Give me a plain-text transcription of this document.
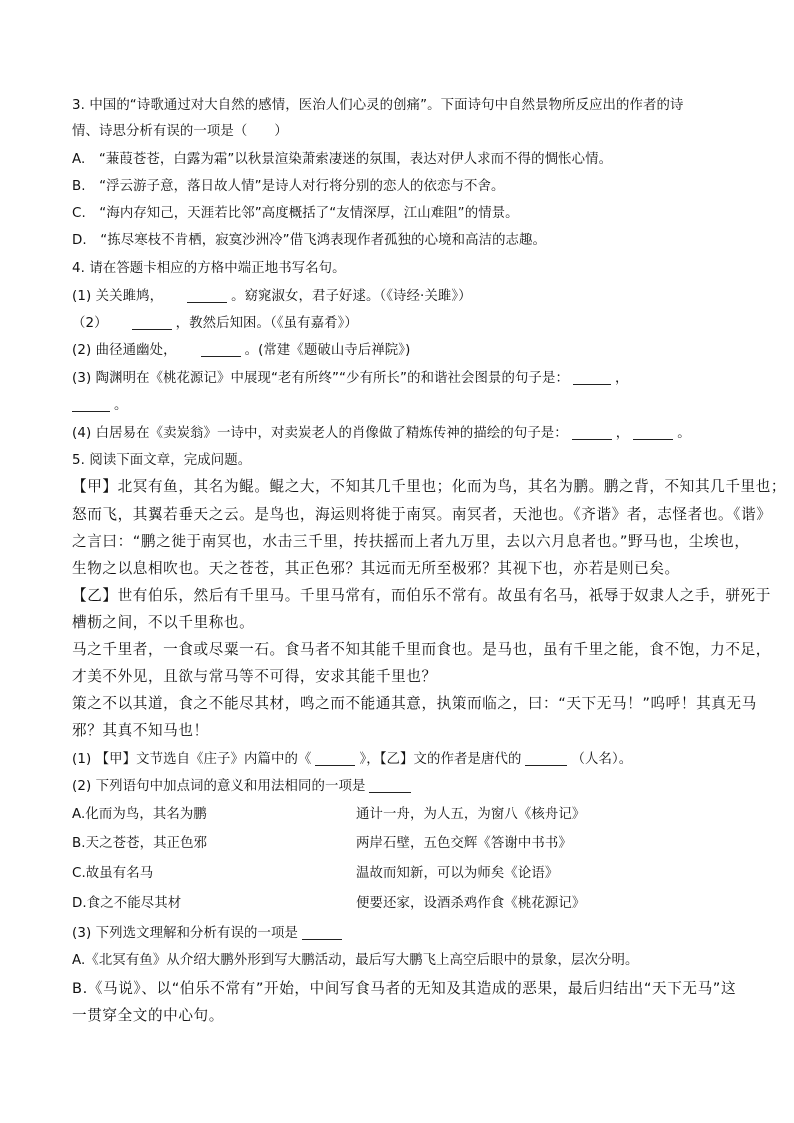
3. 中国的“诗歌通过对大自然的感情，医治人们心灵的创痛”。下面诗句中自然景物所反应出的作者的诗
情、诗思分析有误的一项是（　　）
A.　“蒹葭苍苍，白露为霜”以秋景渲染萧索凄迷的氛围，表达对伊人求而不得的惆怅心情。
B.　“浮云游子意，落日故人情”是诗人对行将分别的恋人的依恋与不舍。
C.　“海内存知己，天涯若比邻”高度概括了“友情深厚，江山难阻”的情景。
D.　“拣尽寒枝不肯栖，寂寞沙洲冷”借飞鸿表现作者孤独的心境和高洁的志趣。
4. 请在答题卡相应的方格中端正地书写名句。
(1) 关关雎鸠，	。窈窕淑女，君子好逑。（《诗经·关雎》）
（2）	，教然后知困。（《虽有嘉肴》）
(2) 曲径通幽处，	。(常建《题破山寺后禅院》)
(3) 陶渊明在《桃花源记》中展现“老有所终”“少有所长”的和谐社会图景的句子是：	，
。
(4) 白居易在《卖炭翁》一诗中，对卖炭老人的肖像做了精炼传神的描绘的句子是：	，	。
5. 阅读下面文章，完成问题。
【甲】北冥有鱼，其名为鲲。鲲之大，不知其几千里也；化而为鸟，其名为鹏。鹏之背，不知其几千里也；
怒而飞，其翼若垂天之云。是鸟也，海运则将徙于南冥。南冥者，天池也。《齐谐》者，志怪者也。《谐》
之言曰：“鹏之徙于南冥也，水击三千里，抟扶摇而上者九万里，去以六月息者也。”野马也，尘埃也，
生物之以息相吹也。天之苍苍，其正色邪？其远而无所至极邪？其视下也，亦若是则已矣。
【乙】世有伯乐，然后有千里马。千里马常有，而伯乐不常有。故虽有名马，祇辱于奴隶人之手，骈死于
槽枥之间，不以千里称也。
马之千里者，一食或尽粟一石。食马者不知其能千里而食也。是马也，虽有千里之能，食不饱，力不足，
才美不外见，且欲与常马等不可得，安求其能千里也？
策之不以其道，食之不能尽其材，鸣之而不能通其意，执策而临之，曰：“天下无马！”呜呼！其真无马
邪？其真不知马也！
(1) 【甲】文节选自《庄子》内篇中的《	》，【乙】文的作者是唐代的	（人名）。
(2) 下列语句中加点词的意义和用法相同的一项是
A.化而为鸟，其名为鹏	通计一舟，为人五，为窗八《核舟记》
B.天之苍苍，其正色邪	两岸石壁，五色交辉《答谢中书书》
C.故虽有名马	温故而知新，可以为师矣《论语》
D.食之不能尽其材	便要还家，设酒杀鸡作食《桃花源记》
(3) 下列选文理解和分析有误的一项是
A.《北冥有鱼》从介绍大鹏外形到写大鹏活动，最后写大鹏飞上高空后眼中的景象，层次分明。
B.《马说》、以“伯乐不常有”开始，中间写食马者的无知及其造成的恶果，最后归结出“天下无马”这
一贯穿全文的中心句。
